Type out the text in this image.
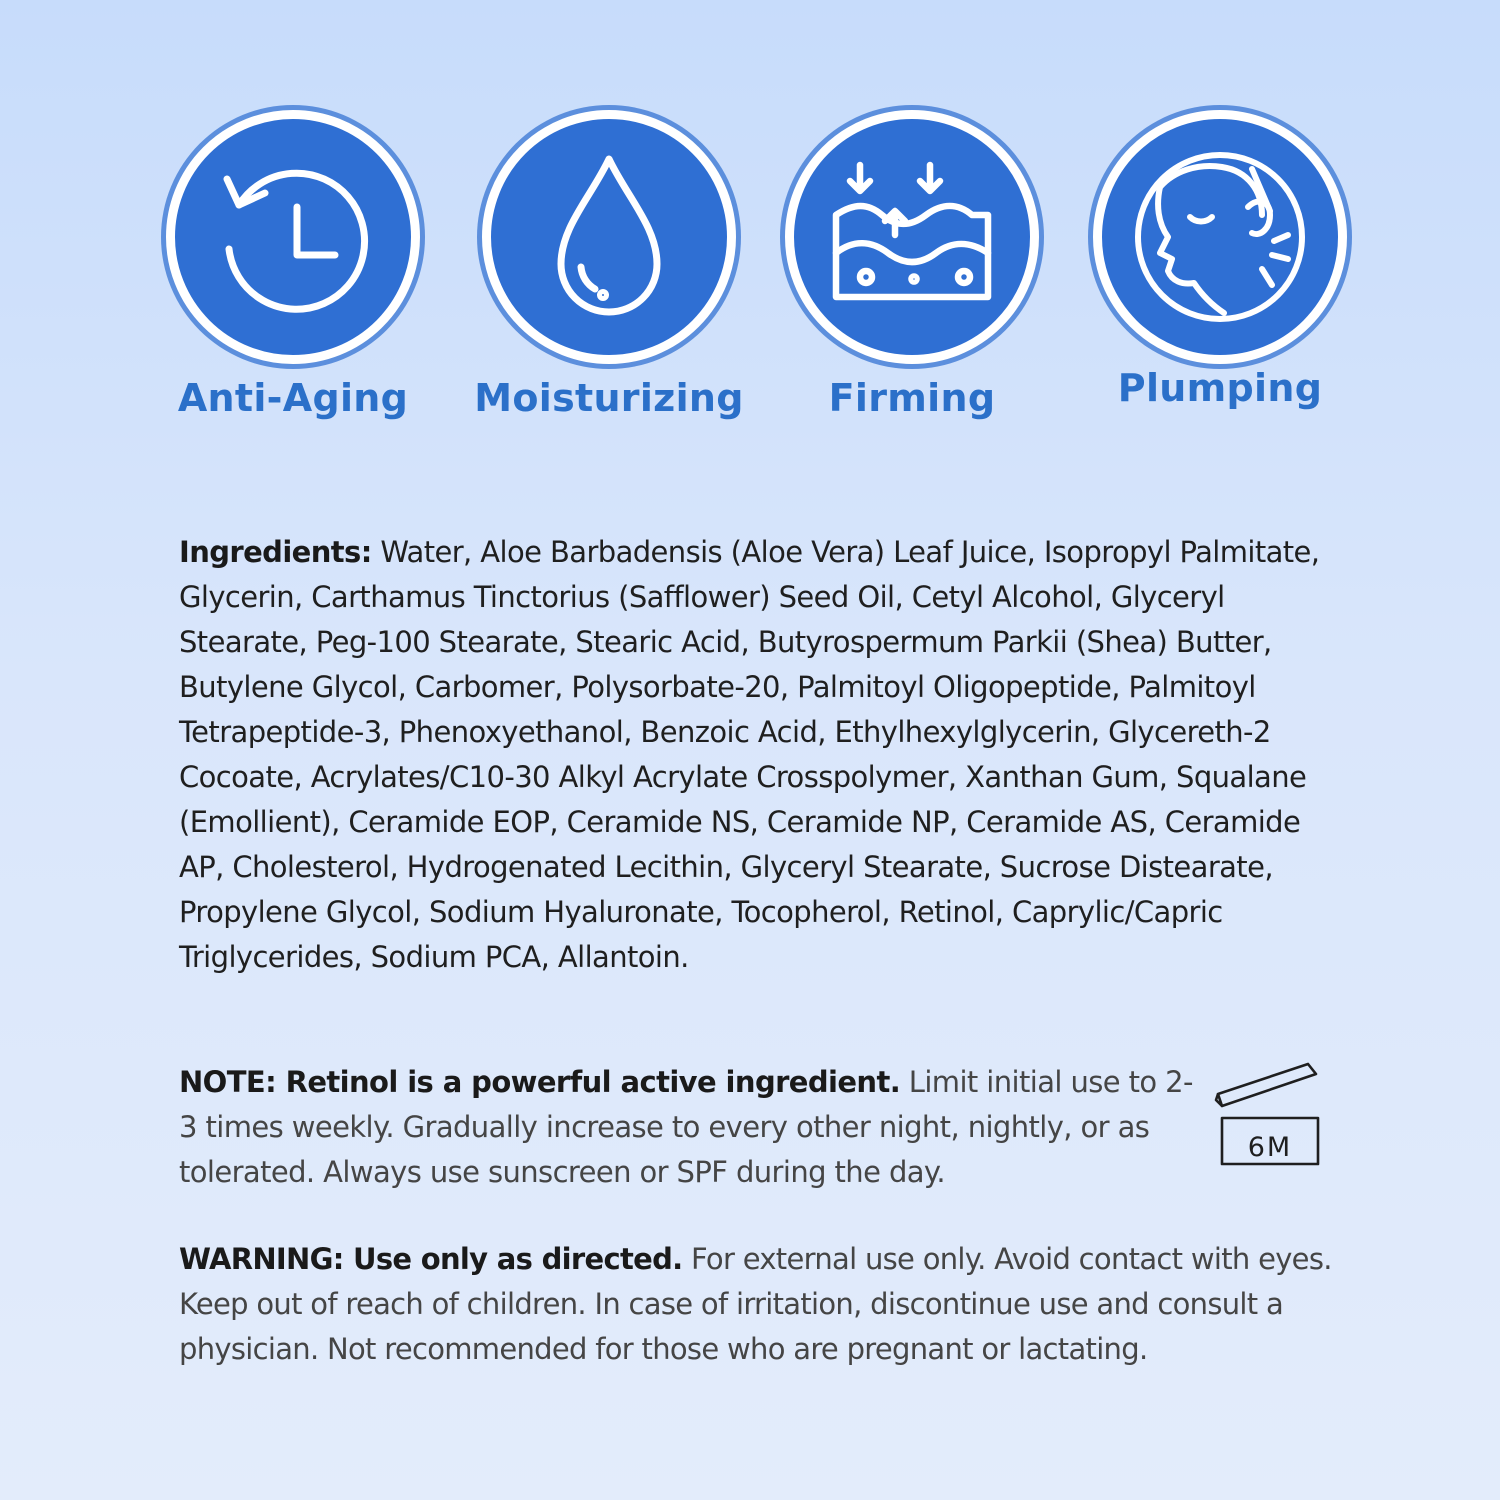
Anti-Aging	Moisturizing	Firming	Plumping
Ingredients: Water, Aloe Barbadensis (Aloe Vera) Leaf Juice, Isopropyl Palmitate, Glycerin, Carthamus Tinctorius (Safflower) Seed Oil, Cetyl Alcohol, Glyceryl Stearate, Peg-100 Stearate, Stearic Acid, Butyrospermum Parkii (Shea) Butter, Butylene Glycol, Carbomer, Polysorbate-20, Palmitoyl Oligopeptide, Palmitoyl Tetrapeptide-3, Phenoxyethanol, Benzoic Acid, Ethylhexylglycerin, Glycereth-2 Cocoate, Acrylates/C10-30 Alkyl Acrylate Crosspolymer, Xanthan Gum, Squalane (Emollient), Ceramide EOP, Ceramide NS, Ceramide NP, Ceramide AS, Ceramide AP, Cholesterol, Hydrogenated Lecithin, Glyceryl Stearate, Sucrose Distearate, Propylene Glycol, Sodium Hyaluronate, Tocopherol, Retinol, Caprylic/Capric Triglycerides, Sodium PCA, Allantoin.
NOTE: Retinol is a powerful active ingredient. Limit initial use to 2-3 times weekly. Gradually increase to every other night, nightly, or as tolerated. Always use sunscreen or SPF during the day.
6M
WARNING: Use only as directed. For external use only. Avoid contact with eyes. Keep out of reach of children. In case of irritation, discontinue use and consult a physician. Not recommended for those who are pregnant or lactating.
